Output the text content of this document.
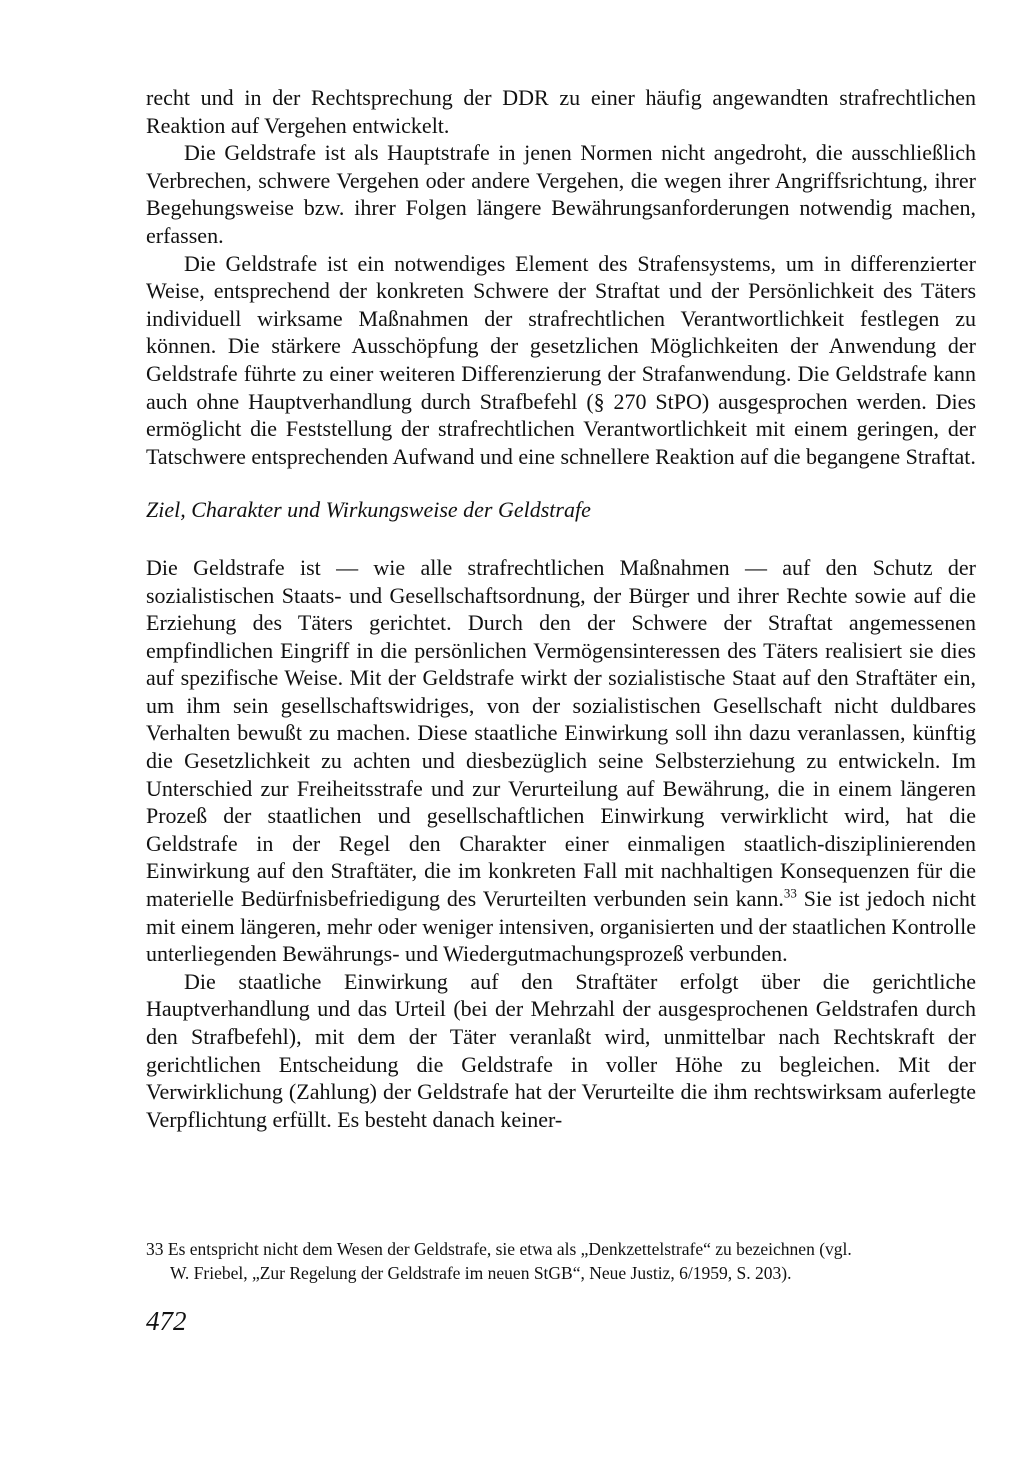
recht und in der Rechtsprechung der DDR zu einer häufig angewandten strafrechtlichen Reaktion auf Vergehen entwickelt.

Die Geldstrafe ist als Hauptstrafe in jenen Normen nicht angedroht, die ausschließlich Verbrechen, schwere Vergehen oder andere Vergehen, die wegen ihrer Angriffsrichtung, ihrer Begehungsweise bzw. ihrer Folgen längere Bewährungsanforderungen notwendig machen, erfassen.

Die Geldstrafe ist ein notwendiges Element des Strafensystems, um in differenzierter Weise, entsprechend der konkreten Schwere der Straftat und der Persönlichkeit des Täters individuell wirksame Maßnahmen der strafrechtlichen Verantwortlichkeit festlegen zu können. Die stärkere Ausschöpfung der gesetzlichen Möglichkeiten der Anwendung der Geldstrafe führte zu einer weiteren Differenzierung der Strafanwendung. Die Geldstrafe kann auch ohne Hauptverhandlung durch Strafbefehl (§ 270 StPO) ausgesprochen werden. Dies ermöglicht die Feststellung der strafrechtlichen Verantwortlichkeit mit einem geringen, der Tatschwere entsprechenden Aufwand und eine schnellere Reaktion auf die begangene Straftat.

Ziel, Charakter und Wirkungsweise der Geldstrafe

Die Geldstrafe ist — wie alle strafrechtlichen Maßnahmen — auf den Schutz der sozialistischen Staats- und Gesellschaftsordnung, der Bürger und ihrer Rechte sowie auf die Erziehung des Täters gerichtet. Durch den der Schwere der Straftat angemessenen empfindlichen Eingriff in die persönlichen Vermögensinteressen des Täters realisiert sie dies auf spezifische Weise. Mit der Geldstrafe wirkt der sozialistische Staat auf den Straftäter ein, um ihm sein gesellschaftswidriges, von der sozialistischen Gesellschaft nicht duldbares Verhalten bewußt zu machen. Diese staatliche Einwirkung soll ihn dazu veranlassen, künftig die Gesetzlichkeit zu achten und diesbezüglich seine Selbsterziehung zu entwickeln. Im Unterschied zur Freiheitsstrafe und zur Verurteilung auf Bewährung, die in einem längeren Prozeß der staatlichen und gesellschaftlichen Einwirkung verwirklicht wird, hat die Geldstrafe in der Regel den Charakter einer einmaligen staatlich-disziplinierenden Einwirkung auf den Straftäter, die im konkreten Fall mit nachhaltigen Konsequenzen für die materielle Bedürfnisbefriedigung des Verurteilten verbunden sein kann.$^{33}$ Sie ist jedoch nicht mit einem längeren, mehr oder weniger intensiven, organisierten und der staatlichen Kontrolle unterliegenden Bewährungs- und Wiedergutmachungsprozeß verbunden.

Die staatliche Einwirkung auf den Straftäter erfolgt über die gerichtliche Hauptverhandlung und das Urteil (bei der Mehrzahl der ausgesprochenen Geldstrafen durch den Strafbefehl), mit dem der Täter veranlaßt wird, unmittelbar nach Rechtskraft der gerichtlichen Entscheidung die Geldstrafe in voller Höhe zu begleichen. Mit der Verwirklichung (Zahlung) der Geldstrafe hat der Verurteilte die ihm rechtswirksam auferlegte Verpflichtung erfüllt. Es besteht danach keiner-

33 Es entspricht nicht dem Wesen der Geldstrafe, sie etwa als „Denkzettelstrafe“ zu bezeichnen (vgl.
W. Friebel, „Zur Regelung der Geldstrafe im neuen StGB“, Neue Justiz, 6/1959, S. 203).
472
